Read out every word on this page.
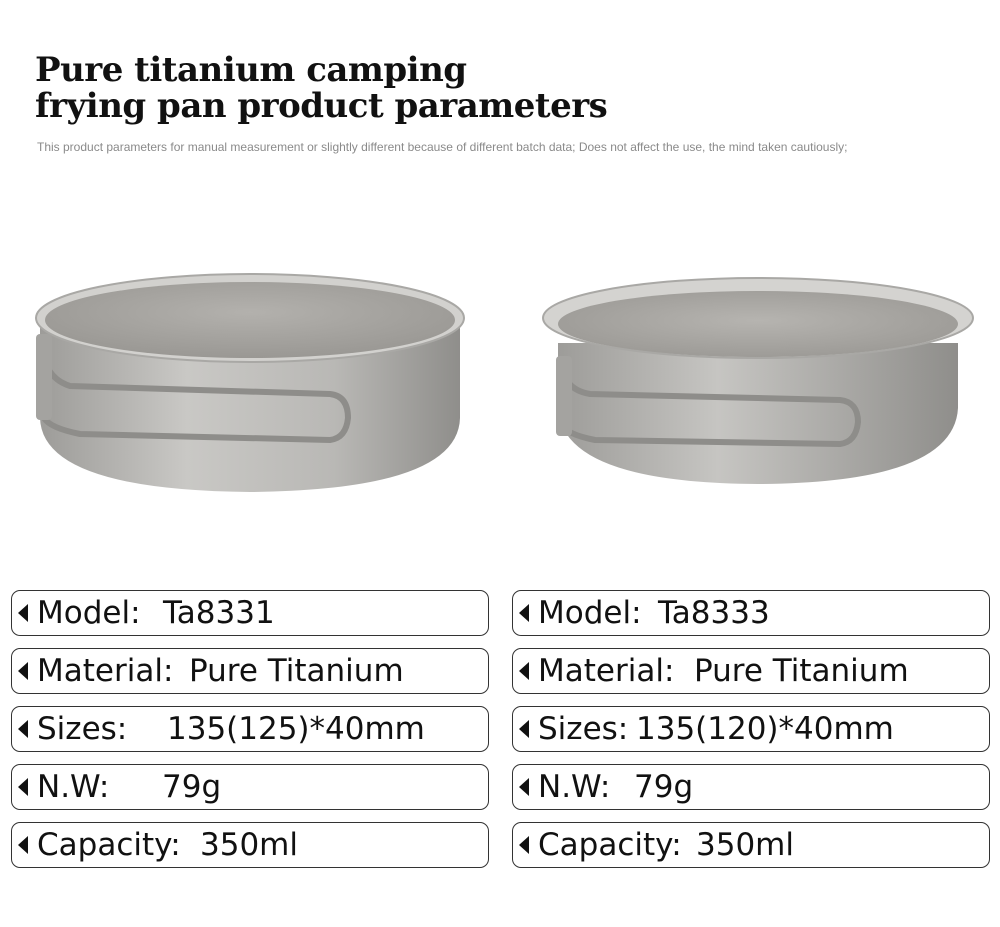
Pure titanium camping
frying pan product parameters
This product parameters for manual measurement or slightly different because of different batch data; Does not affect the use, the mind taken cautiously;
Model: Ta8331
Material: Pure Titanium
Sizes:	135(125)*40mm
N.W:	79g
Capacity: 350ml
Model: Ta8333
Material: Pure Titanium
Sizes: 135(120)*40mm
N.W: 79g
Capacity: 350ml
